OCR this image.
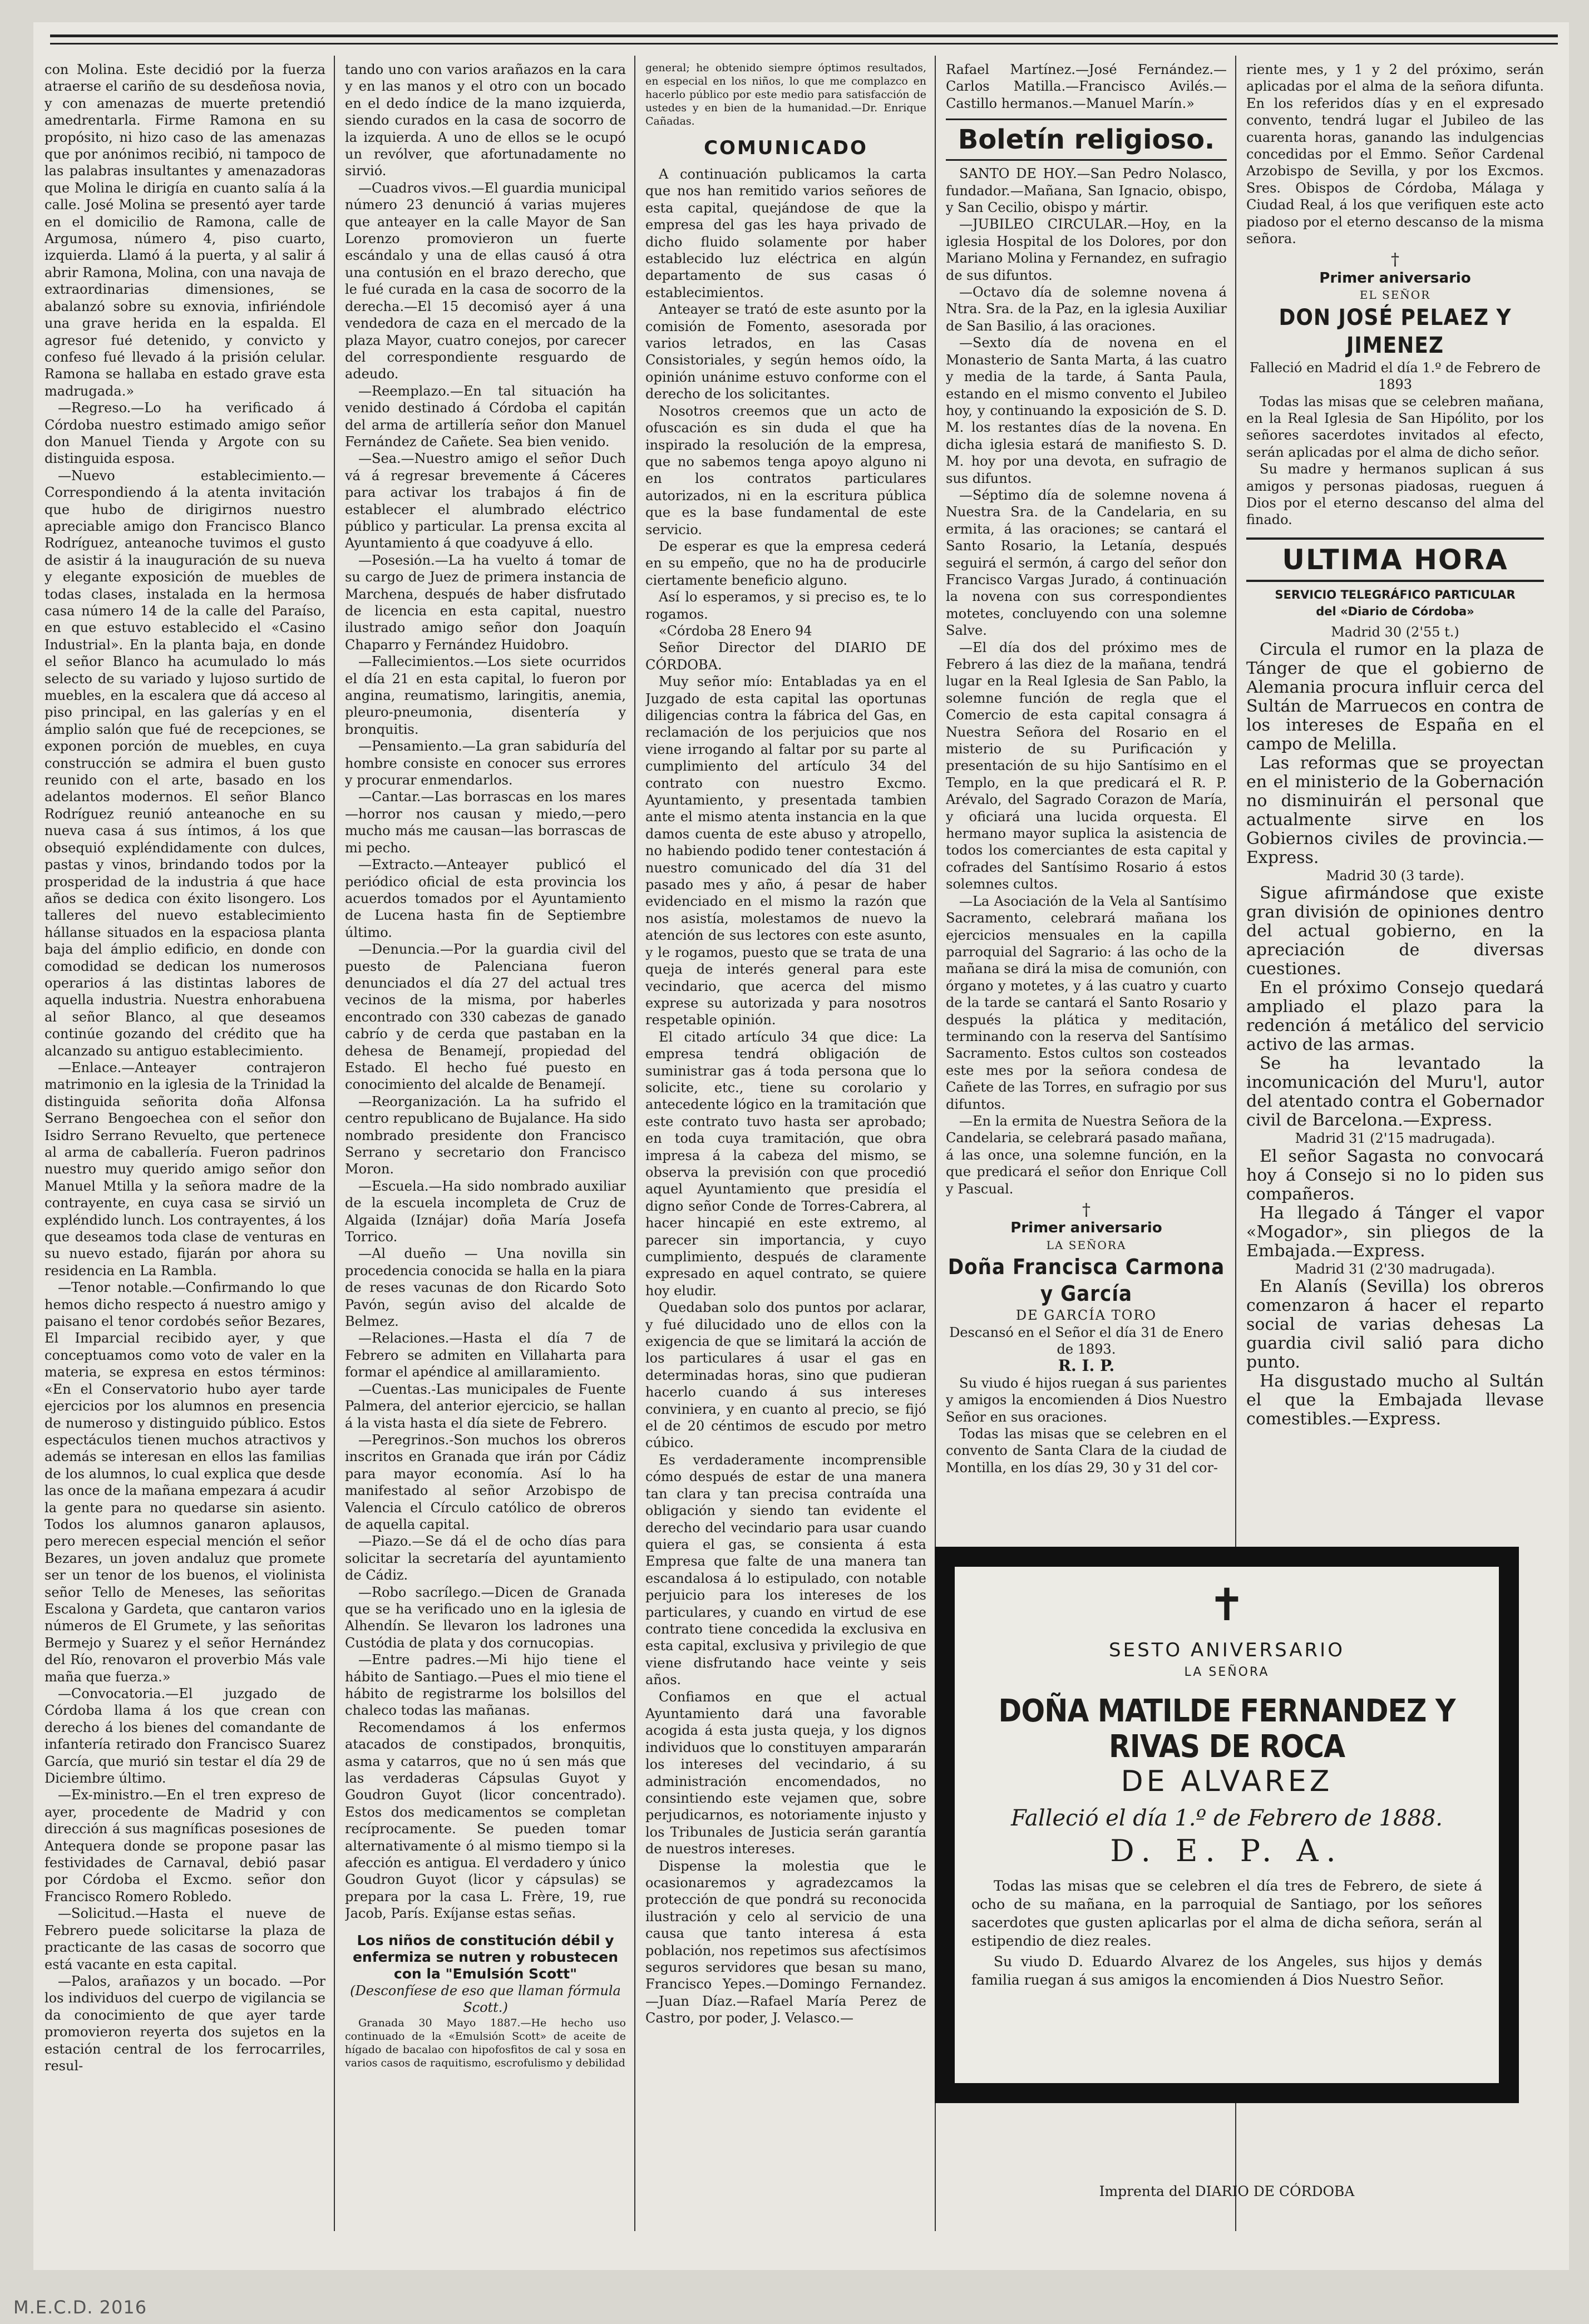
con Molina. Este decidió por la fuerza atraerse el cariño de su desdeñosa novia, y con amenazas de muerte pretendió amedrentarla. Firme Ramona en su propósito, ni hizo caso de las amenazas que por anónimos recibió, ni tampoco de las palabras insultantes y amenazadoras que Molina le dirigía en cuanto salía á la calle. José Molina se presentó ayer tarde en el domicilio de Ramona, calle de Argumosa, número 4, piso cuarto, izquierda. Llamó á la puerta, y al salir á abrir Ramona, Molina, con una navaja de extraordinarias dimensiones, se abalanzó sobre su exnovia, infiriéndole una grave herida en la espalda. El agresor fué detenido, y convicto y confeso fué llevado á la prisión celular. Ramona se hallaba en estado grave esta madrugada.»

—Regreso.—Lo ha verificado á Córdoba nuestro estimado amigo señor don Manuel Tienda y Argote con su distinguida esposa.

—Nuevo establecimiento.—Correspondiendo á la atenta invitación que hubo de dirigirnos nuestro apreciable amigo don Francisco Blanco Rodríguez, anteanoche tuvimos el gusto de asistir á la inauguración de su nueva y elegante exposición de muebles de todas clases, instalada en la hermosa casa número 14 de la calle del Paraíso, en que estuvo establecido el «Casino Industrial». En la planta baja, en donde el señor Blanco ha acumulado lo más selecto de su variado y lujoso surtido de muebles, en la escalera que dá acceso al piso principal, en las galerías y en el ámplio salón que fué de recepciones, se exponen porción de muebles, en cuya construcción se admira el buen gusto reunido con el arte, basado en los adelantos modernos. El señor Blanco Rodríguez reunió anteanoche en su nueva casa á sus íntimos, á los que obsequió expléndidamente con dulces, pastas y vinos, brindando todos por la prosperidad de la industria á que hace años se dedica con éxito lisongero. Los talleres del nuevo establecimiento hállanse situados en la espaciosa planta baja del ámplio edificio, en donde con comodidad se dedican los numerosos operarios á las distintas labores de aquella industria. Nuestra enhorabuena al señor Blanco, al que deseamos continúe gozando del crédito que ha alcanzado su antiguo establecimiento.

—Enlace.—Anteayer contrajeron matrimonio en la iglesia de la Trinidad la distinguida señorita doña Alfonsa Serrano Bengoechea con el señor don Isidro Serrano Revuelto, que pertenece al arma de caballería. Fueron padrinos nuestro muy querido amigo señor don Manuel Mtilla y la señora madre de la contrayente, en cuya casa se sirvió un expléndido lunch. Los contrayentes, á los que deseamos toda clase de venturas en su nuevo estado, fijarán por ahora su residencia en La Rambla.

—Tenor notable.—Confirmando lo que hemos dicho respecto á nuestro amigo y paisano el tenor cordobés señor Bezares, El Imparcial recibido ayer, y que conceptuamos como voto de valer en la materia, se expresa en estos términos: «En el Conservatorio hubo ayer tarde ejercicios por los alumnos en presencia de numeroso y distinguido público. Estos espectáculos tienen muchos atractivos y además se interesan en ellos las familias de los alumnos, lo cual explica que desde las once de la mañana empezara á acudir la gente para no quedarse sin asiento. Todos los alumnos ganaron aplausos, pero merecen especial mención el señor Bezares, un joven andaluz que promete ser un tenor de los buenos, el violinista señor Tello de Meneses, las señoritas Escalona y Gardeta, que cantaron varios números de El Grumete, y las señoritas Bermejo y Suarez y el señor Hernández del Río, renovaron el proverbio Más vale maña que fuerza.»

—Convocatoria.—El juzgado de Córdoba llama á los que crean con derecho á los bienes del comandante de infantería retirado don Francisco Suarez García, que murió sin testar el día 29 de Diciembre último.

—Ex-ministro.—En el tren expreso de ayer, procedente de Madrid y con dirección á sus magníficas posesiones de Antequera donde se propone pasar las festividades de Carnaval, debió pasar por Córdoba el Excmo. señor don Francisco Romero Robledo.

—Solicitud.—Hasta el nueve de Febrero puede solicitarse la plaza de practicante de las casas de socorro que está vacante en esta capital.

—Palos, arañazos y un bocado. —Por los individuos del cuerpo de vigilancia se da conocimiento de que ayer tarde promovieron reyerta dos sujetos en la estación central de los ferrocarriles, resul-

tando uno con varios arañazos en la cara y en las manos y el otro con un bocado en el dedo índice de la mano izquierda, siendo curados en la casa de socorro de la izquierda. A uno de ellos se le ocupó un revólver, que afortunadamente no sirvió.

—Cuadros vivos.—El guardia municipal número 23 denunció á varias mujeres que anteayer en la calle Mayor de San Lorenzo promovieron un fuerte escándalo y una de ellas causó á otra una contusión en el brazo derecho, que le fué curada en la casa de socorro de la derecha.—El 15 decomisó ayer á una vendedora de caza en el mercado de la plaza Mayor, cuatro conejos, por carecer del correspondiente resguardo de adeudo.

—Reemplazo.—En tal situación ha venido destinado á Córdoba el capitán del arma de artillería señor don Manuel Fernández de Cañete. Sea bien venido.

—Sea.—Nuestro amigo el señor Duch vá á regresar brevemente á Cáceres para activar los trabajos á fin de establecer el alumbrado eléctrico público y particular. La prensa excita al Ayuntamiento á que coadyuve á ello.

—Posesión.—La ha vuelto á tomar de su cargo de Juez de primera instancia de Marchena, después de haber disfrutado de licencia en esta capital, nuestro ilustrado amigo señor don Joaquín Chaparro y Fernández Huidobro.

—Fallecimientos.—Los siete ocurridos el día 21 en esta capital, lo fueron por angina, reumatismo, laringitis, anemia, pleuro-pneumonia, disentería y bronquitis.

—Pensamiento.—La gran sabiduría del hombre consiste en conocer sus errores y procurar enmendarlos.

—Cantar.—Las borrascas en los mares—horror nos causan y miedo,—pero mucho más me causan—las borrascas de mi pecho.

—Extracto.—Anteayer publicó el periódico oficial de esta provincia los acuerdos tomados por el Ayuntamiento de Lucena hasta fin de Septiembre último.

—Denuncia.—Por la guardia civil del puesto de Palenciana fueron denunciados el día 27 del actual tres vecinos de la misma, por haberles encontrado con 330 cabezas de ganado cabrío y de cerda que pastaban en la dehesa de Benamejí, propiedad del Estado. El hecho fué puesto en conocimiento del alcalde de Benamejí.

—Reorganización. La ha sufrido el centro republicano de Bujalance. Ha sido nombrado presidente don Francisco Serrano y secretario don Francisco Moron.

—Escuela.—Ha sido nombrado auxiliar de la escuela incompleta de Cruz de Algaida (Iznájar) doña María Josefa Torrico.

—Al dueño — Una novilla sin procedencia conocida se halla en la piara de reses vacunas de don Ricardo Soto Pavón, según aviso del alcalde de Belmez.

—Relaciones.—Hasta el día 7 de Febrero se admiten en Villaharta para formar el apéndice al amillaramiento.

—Cuentas.-Las municipales de Fuente Palmera, del anterior ejercicio, se hallan á la vista hasta el día siete de Febrero.

—Peregrinos.-Son muchos los obreros inscritos en Granada que irán por Cádiz para mayor economía. Así lo ha manifestado al señor Arzobispo de Valencia el Círculo católico de obreros de aquella capital.

—Piazo.—Se dá el de ocho días para solicitar la secretaría del ayuntamiento de Cádiz.

—Robo sacrílego.—Dicen de Granada que se ha verificado uno en la iglesia de Alhendín. Se llevaron los ladrones una Custódia de plata y dos cornucopias.

—Entre padres.—Mi hijo tiene el hábito de Santiago.—Pues el mio tiene el hábito de registrarme los bolsillos del chaleco todas las mañanas.

Recomendamos á los enfermos atacados de constipados, bronquitis, asma y catarros, que no ú sen más que las verdaderas Cápsulas Guyot y Goudron Guyot (licor concentrado). Estos dos medicamentos se completan recíprocamente. Se pueden tomar alternativamente ó al mismo tiempo si la afección es antigua. El verdadero y único Goudron Guyot (licor y cápsulas) se prepara por la casa L. Frère, 19, rue Jacob, París. Exíjanse estas señas.

Los niños de constitución débil y enfermiza se nutren y robustecen con la "Emulsión Scott"
(Desconfíese de eso que llaman fórmula Scott.)

Granada 30 Mayo 1887.—He hecho uso continuado de la «Emulsión Scott» de aceite de hígado de bacalao con hipofosfitos de cal y sosa en varios casos de raquitismo, escrofulismo y debilidad

general; he obtenido siempre óptimos resultados, en especial en los niños, lo que me complazco en hacerlo público por este medio para satisfacción de ustedes y en bien de la humanidad.—Dr. Enrique Cañadas.

COMUNICADO

A continuación publicamos la carta que nos han remitido varios señores de esta capital, quejándose de que la empresa del gas les haya privado de dicho fluido solamente por haber establecido luz eléctrica en algún departamento de sus casas ó establecimientos.

Anteayer se trató de este asunto por la comisión de Fomento, asesorada por varios letrados, en las Casas Consistoriales, y según hemos oído, la opinión unánime estuvo conforme con el derecho de los solicitantes.

Nosotros creemos que un acto de ofuscación es sin duda el que ha inspirado la resolución de la empresa, que no sabemos tenga apoyo alguno ni en los contratos particulares autorizados, ni en la escritura pública que es la base fundamental de este servicio.

De esperar es que la empresa cederá en su empeño, que no ha de producirle ciertamente beneficio alguno.

Así lo esperamos, y si preciso es, te lo rogamos.

«Córdoba 28 Enero 94

Señor Director del DIARIO DE CÓRDOBA.

Muy señor mío: Entabladas ya en el Juzgado de esta capital las oportunas diligencias contra la fábrica del Gas, en reclamación de los perjuicios que nos viene irrogando al faltar por su parte al cumplimiento del artículo 34 del contrato con nuestro Excmo. Ayuntamiento, y presentada tambien ante el mismo atenta instancia en la que damos cuenta de este abuso y atropello, no habiendo podido tener contestación á nuestro comunicado del día 31 del pasado mes y año, á pesar de haber evidenciado en el mismo la razón que nos asistía, molestamos de nuevo la atención de sus lectores con este asunto, y le rogamos, puesto que se trata de una queja de interés general para este vecindario, que acerca del mismo exprese su autorizada y para nosotros respetable opinión.

El citado artículo 34 que dice: La empresa tendrá obligación de suministrar gas á toda persona que lo solicite, etc., tiene su corolario y antecedente lógico en la tramitación que este contrato tuvo hasta ser aprobado; en toda cuya tramitación, que obra impresa á la cabeza del mismo, se observa la previsión con que procedió aquel Ayuntamiento que presidía el digno señor Conde de Torres-Cabrera, al hacer hincapié en este extremo, al parecer sin importancia, y cuyo cumplimiento, después de claramente expresado en aquel contrato, se quiere hoy eludir.

Quedaban solo dos puntos por aclarar, y fué dilucidado uno de ellos con la exigencia de que se limitará la acción de los particulares á usar el gas en determinadas horas, sino que pudieran hacerlo cuando á sus intereses conviniera, y en cuanto al precio, se fijó el de 20 céntimos de escudo por metro cúbico.

Es verdaderamente incomprensible cómo después de estar de una manera tan clara y tan precisa contraída una obligación y siendo tan evidente el derecho del vecindario para usar cuando quiera el gas, se consienta á esta Empresa que falte de una manera tan escandalosa á lo estipulado, con notable perjuicio para los intereses de los particulares, y cuando en virtud de ese contrato tiene concedida la exclusiva en esta capital, exclusiva y privilegio de que viene disfrutando hace veinte y seis años.

Confiamos en que el actual Ayuntamiento dará una favorable acogida á esta justa queja, y los dignos individuos que lo constituyen ampararán los intereses del vecindario, á su administración encomendados, no consintiendo este vejamen que, sobre perjudicarnos, es notoriamente injusto y los Tribunales de Justicia serán garantía de nuestros intereses.

Dispense la molestia que le ocasionaremos y agradezcamos la protección de que pondrá su reconocida ilustración y celo al servicio de una causa que tanto interesa á esta población, nos repetimos sus afectísimos seguros servidores que besan su mano, Francisco Yepes.—Domingo Fernandez.—Juan Díaz.—Rafael María Perez de Castro, por poder, J. Velasco.—

Rafael Martínez.—José Fernández.—Carlos Matilla.—Francisco Avilés.—Castillo hermanos.—Manuel Marín.»

Boletín religioso.

SANTO DE HOY.—San Pedro Nolasco, fundador.—Mañana, San Ignacio, obispo, y San Cecilio, obispo y mártir.

—JUBILEO CIRCULAR.—Hoy, en la iglesia Hospital de los Dolores, por don Mariano Molina y Fernandez, en sufragio de sus difuntos.

—Octavo día de solemne novena á Ntra. Sra. de la Paz, en la iglesia Auxiliar de San Basilio, á las oraciones.

—Sexto día de novena en el Monasterio de Santa Marta, á las cuatro y media de la tarde, á Santa Paula, estando en el mismo convento el Jubileo hoy, y continuando la exposición de S. D. M. los restantes días de la novena. En dicha iglesia estará de manifiesto S. D. M. hoy por una devota, en sufragio de sus difuntos.

—Séptimo día de solemne novena á Nuestra Sra. de la Candelaria, en su ermita, á las oraciones; se cantará el Santo Rosario, la Letanía, después seguirá el sermón, á cargo del señor don Francisco Vargas Jurado, á continuación la novena con sus correspondientes motetes, concluyendo con una solemne Salve.

—El día dos del próximo mes de Febrero á las diez de la mañana, tendrá lugar en la Real Iglesia de San Pablo, la solemne función de regla que el Comercio de esta capital consagra á Nuestra Señora del Rosario en el misterio de su Purificación y presentación de su hijo Santísimo en el Templo, en la que predicará el R. P. Arévalo, del Sagrado Corazon de María, y oficiará una lucida orquesta. El hermano mayor suplica la asistencia de todos los comerciantes de esta capital y cofrades del Santísimo Rosario á estos solemnes cultos.

—La Asociación de la Vela al Santísimo Sacramento, celebrará mañana los ejercicios mensuales en la capilla parroquial del Sagrario: á las ocho de la mañana se dirá la misa de comunión, con órgano y motetes, y á las cuatro y cuarto de la tarde se cantará el Santo Rosario y después la plática y meditación, terminando con la reserva del Santísimo Sacramento. Estos cultos son costeados este mes por la señora condesa de Cañete de las Torres, en sufragio por sus difuntos.

—En la ermita de Nuestra Señora de la Candelaria, se celebrará pasado mañana, á las once, una solemne función, en la que predicará el señor don Enrique Coll y Pascual.

†
Primer aniversario
LA SEÑORA
Doña Francisca Carmona y García
DE GARCÍA TORO

Descansó en el Señor el día 31 de Enero de 1893.

R. I. P.

Su viudo é hijos ruegan á sus parientes y amigos la encomienden á Dios Nuestro Señor en sus oraciones.

Todas las misas que se celebren en el convento de Santa Clara de la ciudad de Montilla, en los días 29, 30 y 31 del cor-

riente mes, y 1 y 2 del próximo, serán aplicadas por el alma de la señora difunta. En los referidos días y en el expresado convento, tendrá lugar el Jubileo de las cuarenta horas, ganando las indulgencias concedidas por el Emmo. Señor Cardenal Arzobispo de Sevilla, y por los Excmos. Sres. Obispos de Córdoba, Málaga y Ciudad Real, á los que verifiquen este acto piadoso por el eterno descanso de la misma señora.

†
Primer aniversario
EL SEÑOR
DON JOSÉ PELAEZ Y JIMENEZ

Falleció en Madrid el día 1.º de Febrero de 1893

Todas las misas que se celebren mañana, en la Real Iglesia de San Hipólito, por los señores sacerdotes invitados al efecto, serán aplicadas por el alma de dicho señor.

Su madre y hermanos suplican á sus amigos y personas piadosas, rueguen á Dios por el eterno descanso del alma del finado.

ULTIMA HORA
SERVICIO TELEGRÁFICO PARTICULAR
del «Diario de Córdoba»
Madrid 30 (2'55 t.)

Circula el rumor en la plaza de Tánger de que el gobierno de Alemania procura influir cerca del Sultán de Marruecos en contra de los intereses de España en el campo de Melilla.

Las reformas que se proyectan en el ministerio de la Gobernación no disminuirán el personal que actualmente sirve en los Gobiernos civiles de provincia.—Express.

Madrid 30 (3 tarde).

Sigue afirmándose que existe gran división de opiniones dentro del actual gobierno, en la apreciación de diversas cuestiones.

En el próximo Consejo quedará ampliado el plazo para la redención á metálico del servicio activo de las armas.

Se ha levantado la incomunicación del Muru'l, autor del atentado contra el Gobernador civil de Barcelona.—Express.

Madrid 31 (2'15 madrugada).

El señor Sagasta no convocará hoy á Consejo si no lo piden sus compañeros.

Ha llegado á Tánger el vapor «Mogador», sin pliegos de la Embajada.—Express.

Madrid 31 (2'30 madrugada).

En Alanís (Sevilla) los obreros comenzaron á hacer el reparto social de varias dehesas La guardia civil salió para dicho punto.

Ha disgustado mucho al Sultán el que la Embajada llevase comestibles.—Express.

✝
SESTO ANIVERSARIO
LA SEÑORA
DOÑA MATILDE FERNANDEZ Y RIVAS DE ROCA
DE ALVAREZ
Falleció el día 1.º de Febrero de 1888.
D. E. P. A.
Todas las misas que se celebren el día tres de Febrero, de siete á ocho de su mañana, en la parroquial de Santiago, por los señores sacerdotes que gusten aplicarlas por el alma de dicha señora, serán al estipendio de diez reales.
Su viudo D. Eduardo Alvarez de los Angeles, sus hijos y demás familia ruegan á sus amigos la encomienden á Dios Nuestro Señor.
Imprenta del DIARIO DE CÓRDOBA
M.E.C.D. 2016
